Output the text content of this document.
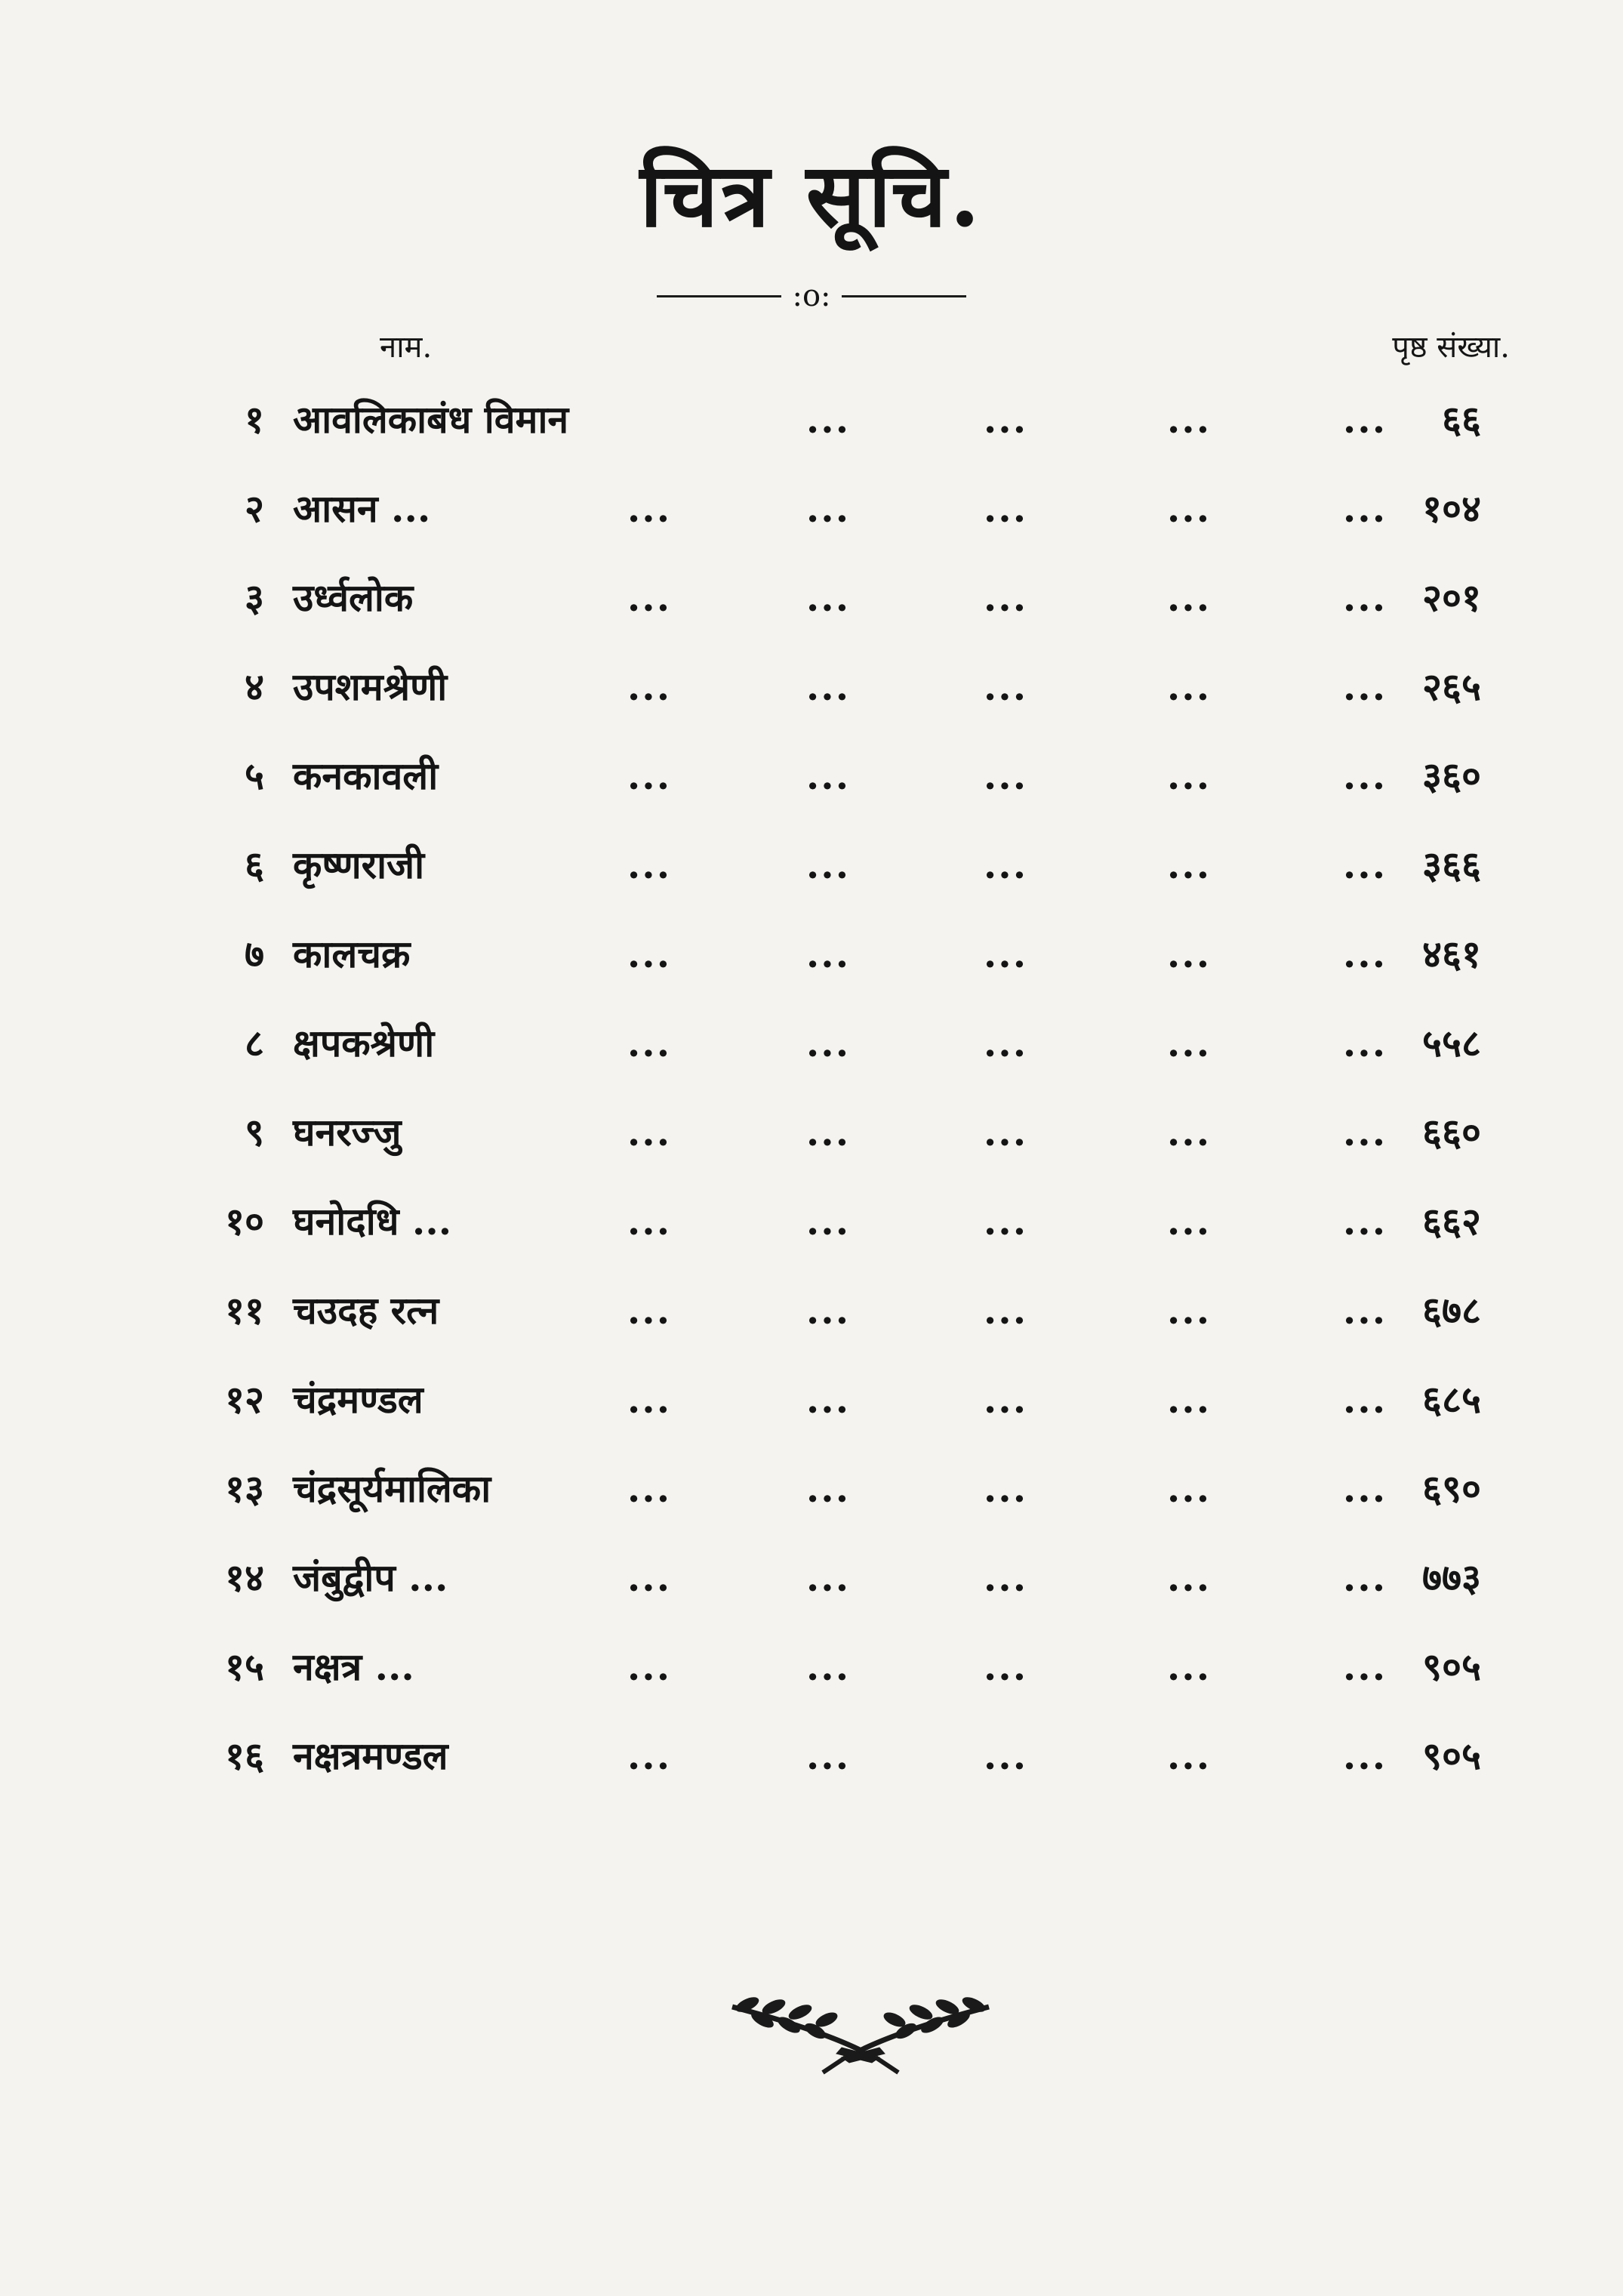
चित्र सूचि.
:o:
नाम.	पृष्ठ संख्या.
१ आवलिकाबंध विमान	...	...	...	... ६६
२ आसन ...	...	...	...	...	... १०४
३ उर्ध्वलोक	...	...	...	...	... २०१
४ उपशमश्रेणी	...	...	...	...	... २६५
५ कनकावली	...	...	...	...	... ३६०
६ कृष्णराजी	...	...	...	...	... ३६६
७ कालचक्र	...	...	...	...	... ४६१
८ क्षपकश्रेणी	...	...	...	...	... ५५८
९ घनरज्जु	...	...	...	...	... ६६०
१० घनोदधि ...	...	...	...	...	... ६६२
११ चउदह रत्न	...	...	...	...	... ६७८
१२ चंद्रमण्डल	...	...	...	...	... ६८५
१३ चंद्रसूर्यमालिका	...	...	...	...	... ६९०
१४ जंबुद्वीप ...	...	...	...	...	... ७७३
१५ नक्षत्र ...	...	...	...	...	... ९०५
१६ नक्षत्रमण्डल	...	...	...	...	... ९०५
